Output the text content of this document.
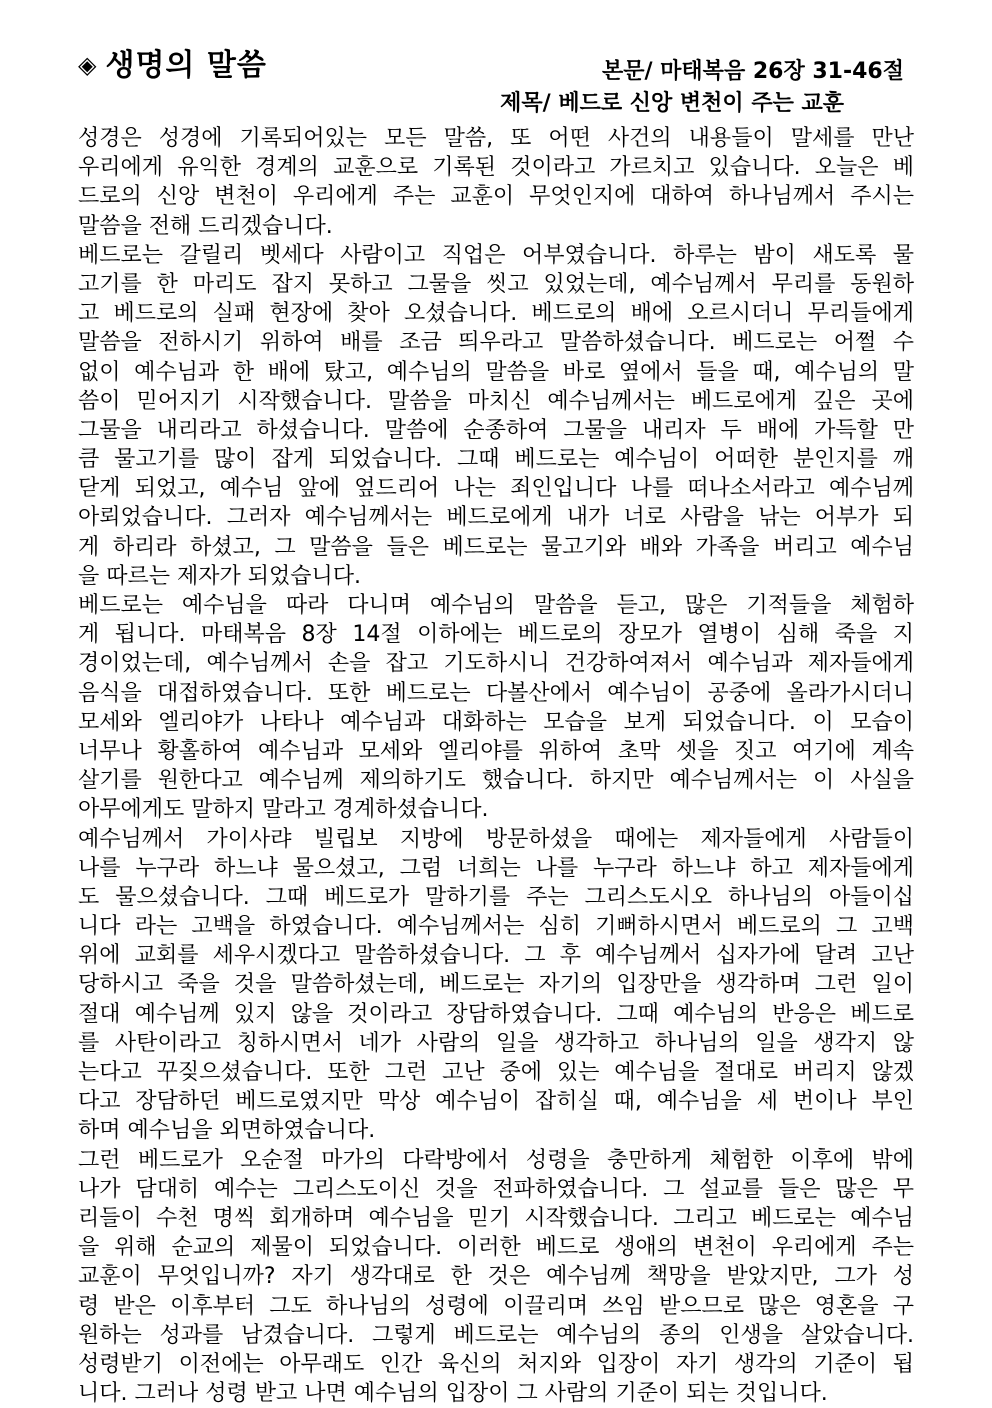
◈ 생명의 말씀	본문/ 마태복음 26장 31-46절
제목/ 베드로 신앙 변천이 주는 교훈
성경은 성경에 기록되어있는 모든 말씀, 또 어떤 사건의 내용들이 말세를 만난
우리에게 유익한 경계의 교훈으로 기록된 것이라고 가르치고 있습니다. 오늘은 베
드로의 신앙 변천이 우리에게 주는 교훈이 무엇인지에 대하여 하나님께서 주시는
말씀을 전해 드리겠습니다.
베드로는 갈릴리 벳세다 사람이고 직업은 어부였습니다. 하루는 밤이 새도록 물
고기를 한 마리도 잡지 못하고 그물을 씻고 있었는데, 예수님께서 무리를 동원하
고 베드로의 실패 현장에 찾아 오셨습니다. 베드로의 배에 오르시더니 무리들에게
말씀을 전하시기 위하여 배를 조금 띄우라고 말씀하셨습니다. 베드로는 어쩔 수
없이 예수님과 한 배에 탔고, 예수님의 말씀을 바로 옆에서 들을 때, 예수님의 말
씀이 믿어지기 시작했습니다. 말씀을 마치신 예수님께서는 베드로에게 깊은 곳에
그물을 내리라고 하셨습니다. 말씀에 순종하여 그물을 내리자 두 배에 가득할 만
큼 물고기를 많이 잡게 되었습니다. 그때 베드로는 예수님이 어떠한 분인지를 깨
닫게 되었고, 예수님 앞에 엎드리어 나는 죄인입니다 나를 떠나소서라고 예수님께
아뢰었습니다. 그러자 예수님께서는 베드로에게 내가 너로 사람을 낚는 어부가 되
게 하리라 하셨고, 그 말씀을 들은 베드로는 물고기와 배와 가족을 버리고 예수님
을 따르는 제자가 되었습니다.
베드로는 예수님을 따라 다니며 예수님의 말씀을 듣고, 많은 기적들을 체험하
게 됩니다. 마태복음 8장 14절 이하에는 베드로의 장모가 열병이 심해 죽을 지
경이었는데, 예수님께서 손을 잡고 기도하시니 건강하여져서 예수님과 제자들에게
음식을 대접하였습니다. 또한 베드로는 다볼산에서 예수님이 공중에 올라가시더니
모세와 엘리야가 나타나 예수님과 대화하는 모습을 보게 되었습니다. 이 모습이
너무나 황홀하여 예수님과 모세와 엘리야를 위하여 초막 셋을 짓고 여기에 계속
살기를 원한다고 예수님께 제의하기도 했습니다. 하지만 예수님께서는 이 사실을
아무에게도 말하지 말라고 경계하셨습니다.
예수님께서 가이사랴 빌립보 지방에 방문하셨을 때에는 제자들에게 사람들이
나를 누구라 하느냐 물으셨고, 그럼 너희는 나를 누구라 하느냐 하고 제자들에게
도 물으셨습니다. 그때 베드로가 말하기를 주는 그리스도시오 하나님의 아들이십
니다 라는 고백을 하였습니다. 예수님께서는 심히 기뻐하시면서 베드로의 그 고백
위에 교회를 세우시겠다고 말씀하셨습니다. 그 후 예수님께서 십자가에 달려 고난
당하시고 죽을 것을 말씀하셨는데, 베드로는 자기의 입장만을 생각하며 그런 일이
절대 예수님께 있지 않을 것이라고 장담하였습니다. 그때 예수님의 반응은 베드로
를 사탄이라고 칭하시면서 네가 사람의 일을 생각하고 하나님의 일을 생각지 않
는다고 꾸짖으셨습니다. 또한 그런 고난 중에 있는 예수님을 절대로 버리지 않겠
다고 장담하던 베드로였지만 막상 예수님이 잡히실 때, 예수님을 세 번이나 부인
하며 예수님을 외면하였습니다.
그런 베드로가 오순절 마가의 다락방에서 성령을 충만하게 체험한 이후에 밖에
나가 담대히 예수는 그리스도이신 것을 전파하였습니다. 그 설교를 들은 많은 무
리들이 수천 명씩 회개하며 예수님을 믿기 시작했습니다. 그리고 베드로는 예수님
을 위해 순교의 제물이 되었습니다. 이러한 베드로 생애의 변천이 우리에게 주는
교훈이 무엇입니까? 자기 생각대로 한 것은 예수님께 책망을 받았지만, 그가 성
령 받은 이후부터 그도 하나님의 성령에 이끌리며 쓰임 받으므로 많은 영혼을 구
원하는 성과를 남겼습니다. 그렇게 베드로는 예수님의 종의 인생을 살았습니다.
성령받기 이전에는 아무래도 인간 육신의 처지와 입장이 자기 생각의 기준이 됩
니다. 그러나 성령 받고 나면 예수님의 입장이 그 사람의 기준이 되는 것입니다.
